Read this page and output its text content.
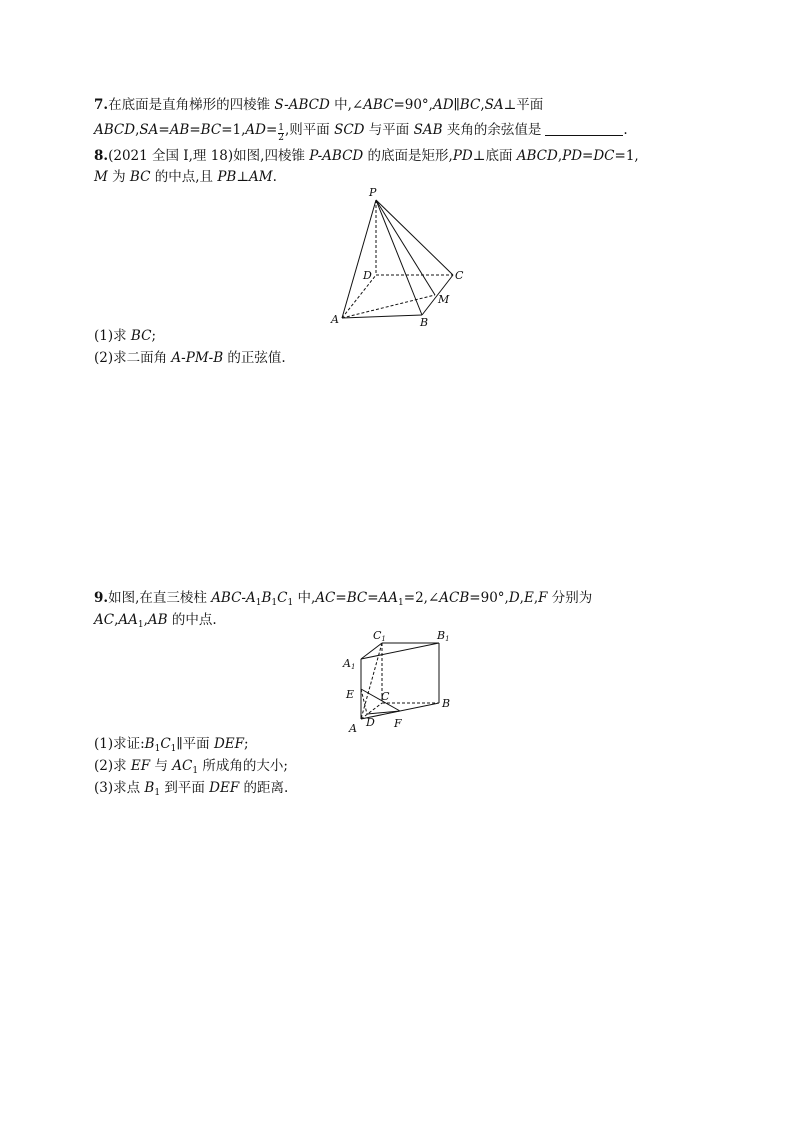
7.在底面是直角梯形的四棱锥 S-ABCD 中,∠ABC=90°,AD∥BC,SA⊥平面
ABCD,SA=AB=BC=1,AD= $\frac{1}{2}$ ,则平面 SCD 与平面 SAB 夹角的余弦值是	.
8.(2021 全国 Ⅰ,理 18)如图,四棱锥 P-ABCD 的底面是矩形,PD⊥底面 ABCD,PD=DC=1,
M 为 BC 的中点,且 PB⊥AM.
P
D	C
M
A	B
(1)求 BC;
(2)求二面角 A-PM-B 的正弦值.
9.如图,在直三棱柱 ABC-$A_1B_1C_1$ 中$,AC=BC=AA_1=2,\angle ACB=90^\circ,D,E,F$ 分别为
$AC,AA_1,AB$ 的中点.
C1	B1
A1
E C
B
A D F
(1)求证$:B_1C_1\parallel$平面 DEF;
(2)求 EF 与 $AC_1$ 所成角的大小;
(3)求点 $B_1$ 到平面 DEF 的距离.
